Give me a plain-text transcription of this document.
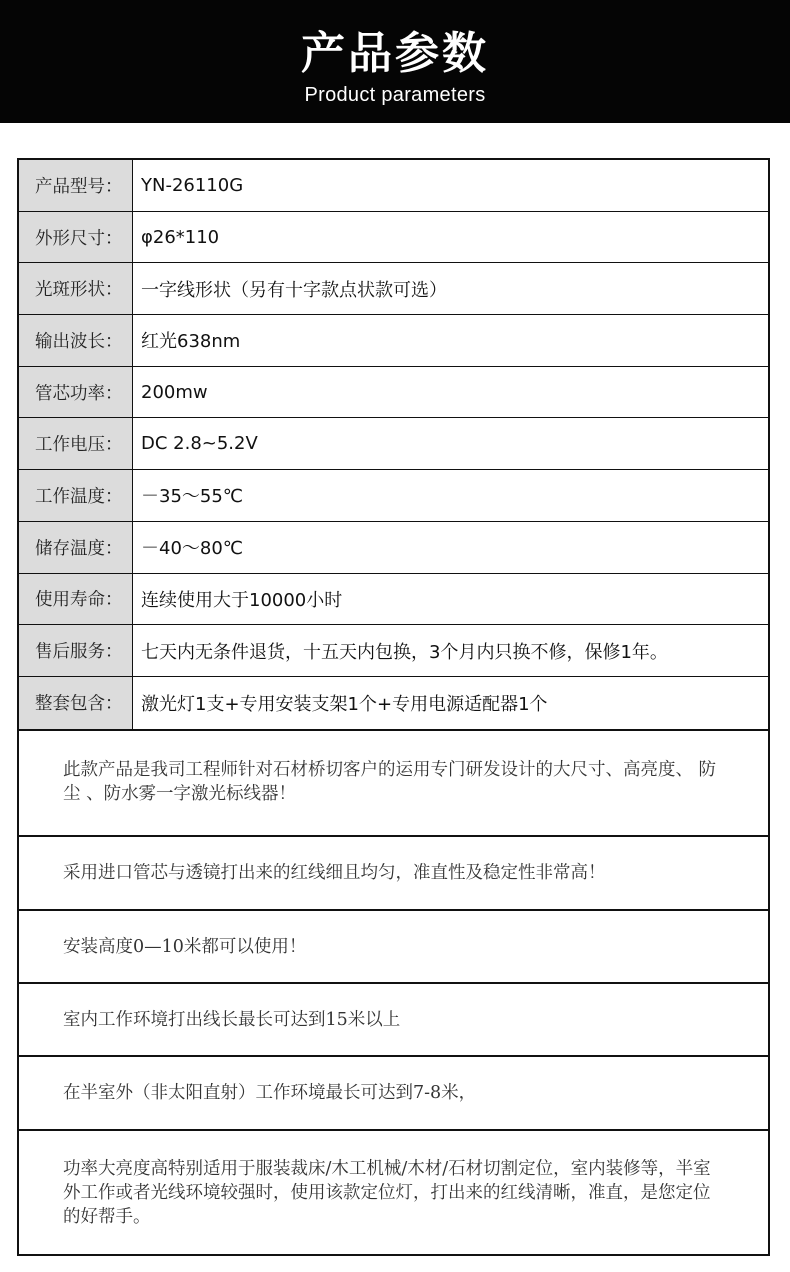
产品参数
Product parameters
产品型号：	YN-26110G
外形尺寸：	φ26*110
光斑形状：	一字线形状（另有十字款点状款可选）
输出波长：	红光638nm
管芯功率：	200mw
工作电压：	DC 2.8~5.2V
工作温度：	－35～55℃
储存温度：	－40～80℃
使用寿命：	连续使用大于10000小时
售后服务：	七天内无条件退货，十五天内包换，3个月内只换不修，保修1年。
整套包含：	激光灯1支+专用安装支架1个+专用电源适配器1个
此款产品是我司工程师针对石材桥切客户的运用专门研发设计的大尺寸、高亮度、 防尘 、防水雾一字激光标线器！
采用进口管芯与透镜打出来的红线细且均匀，准直性及稳定性非常高！
安装高度0—10米都可以使用！
室内工作环境打出线长最长可达到15米以上
在半室外（非太阳直射）工作环境最长可达到7-8米，
功率大亮度高特别适用于服装裁床/木工机械/木材/石材切割定位，室内装修等，半室外工作或者光线环境较强时，使用该款定位灯，打出来的红线清晰，准直，是您定位的好帮手。
